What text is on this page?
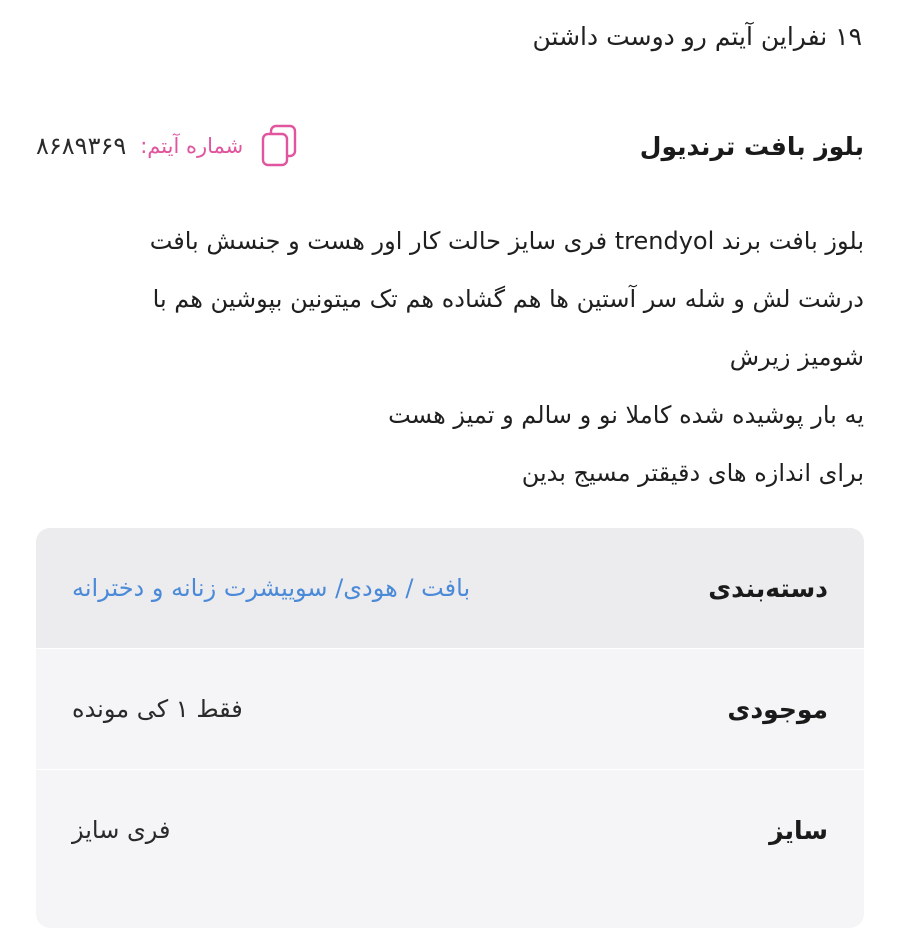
۱۹ نفراین آیتم رو دوست داشتن
بلوز بافت ترندیول
شماره آیتم:
۸۶۸۹۳۶۹
بلوز بافت برند trendyol فری سایز حالت کار اور هست و جنسش بافت
درشت لش و شله سر آستین ها هم گشاده هم تک میتونین بپوشین هم با
شومیز زیرش
یه بار پوشیده شده کاملا نو و سالم و تمیز هست
برای اندازه های دقیقتر مسیج بدین
دسته‌بندی
بافت / هودی/ سوییشرت زنانه و دخترانه
موجودی
فقط ۱ کی مونده
سایز
فری سایز
